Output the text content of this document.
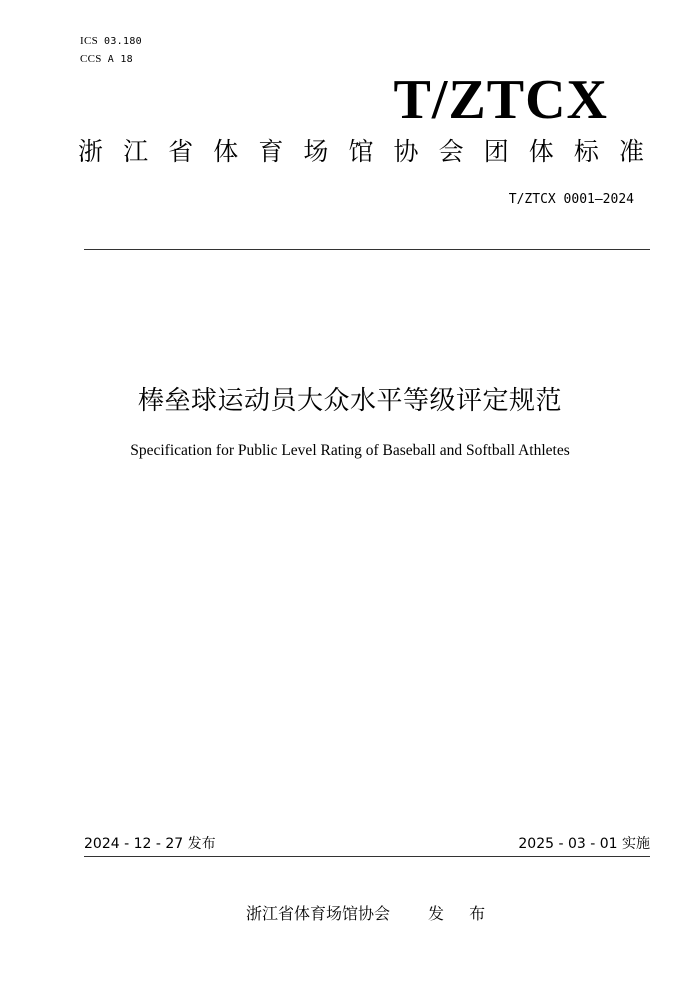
ICS 03.180
CCS A 18
T/ZTCX
浙 江 省 体 育 场 馆 协 会 团 体 标 准
T/ZTCX 0001—2024
棒垒球运动员大众水平等级评定规范
Specification for Public Level Rating of Baseball and Softball Athletes
2024 - 12 - 27 发布	2025 - 03 - 01 实施
浙江省体育场馆协会 发 布
